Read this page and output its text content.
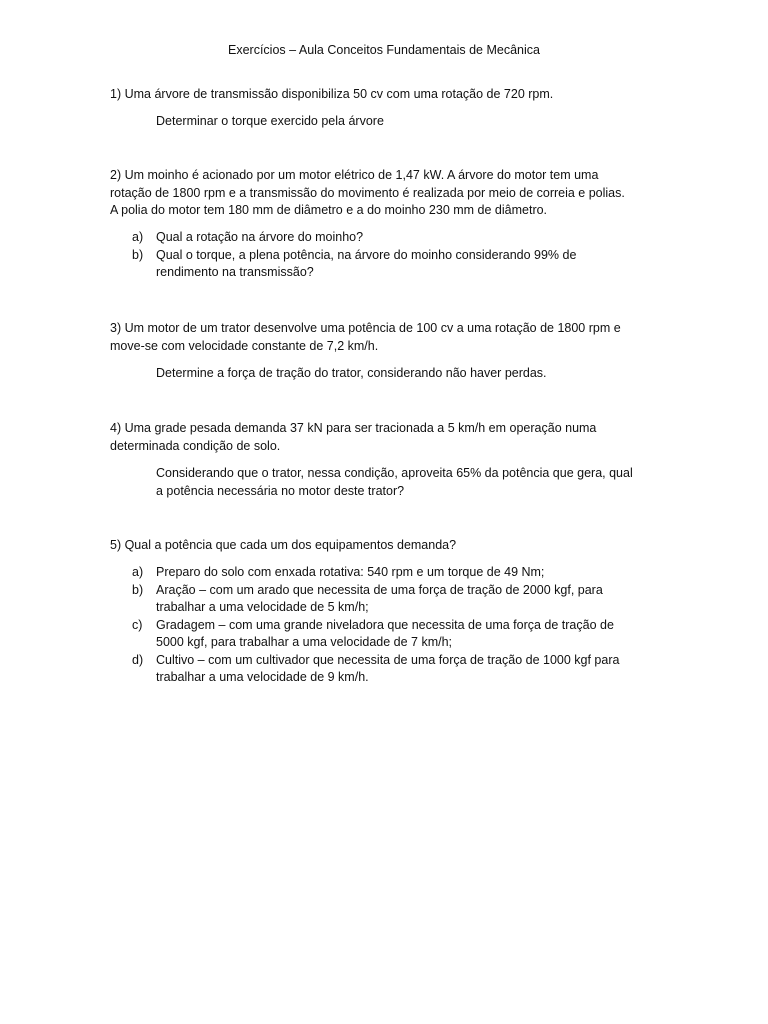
Exercícios – Aula Conceitos Fundamentais de Mecânica
1) Uma árvore de transmissão disponibiliza 50 cv com uma rotação de 720 rpm.
Determinar o torque exercido pela árvore
2) Um moinho é acionado por um motor elétrico de 1,47 kW. A árvore do motor tem uma
rotação de 1800 rpm e a transmissão do movimento é realizada por meio de correia e polias.
A polia do motor tem 180 mm de diâmetro e a do moinho 230 mm de diâmetro.
a) Qual a rotação na árvore do moinho?
b) Qual o torque, a plena potência, na árvore do moinho considerando 99% de rendimento na transmissão?
3) Um motor de um trator desenvolve uma potência de 100 cv a uma rotação de 1800 rpm e
move-se com velocidade constante de 7,2 km/h.
Determine a força de tração do trator, considerando não haver perdas.
4) Uma grade pesada demanda 37 kN para ser tracionada a 5 km/h em operação numa
determinada condição de solo.
Considerando que o trator, nessa condição, aproveita 65% da potência que gera, qual
a potência necessária no motor deste trator?
5) Qual a potência que cada um dos equipamentos demanda?
a) Preparo do solo com enxada rotativa: 540 rpm e um torque de 49 Nm;
b) Aração – com um arado que necessita de uma força de tração de 2000 kgf, para trabalhar a uma velocidade de 5 km/h;
c) Gradagem – com uma grande niveladora que necessita de uma força de tração de 5000 kgf, para trabalhar a uma velocidade de 7 km/h;
d) Cultivo – com um cultivador que necessita de uma força de tração de 1000 kgf para trabalhar a uma velocidade de 9 km/h.
